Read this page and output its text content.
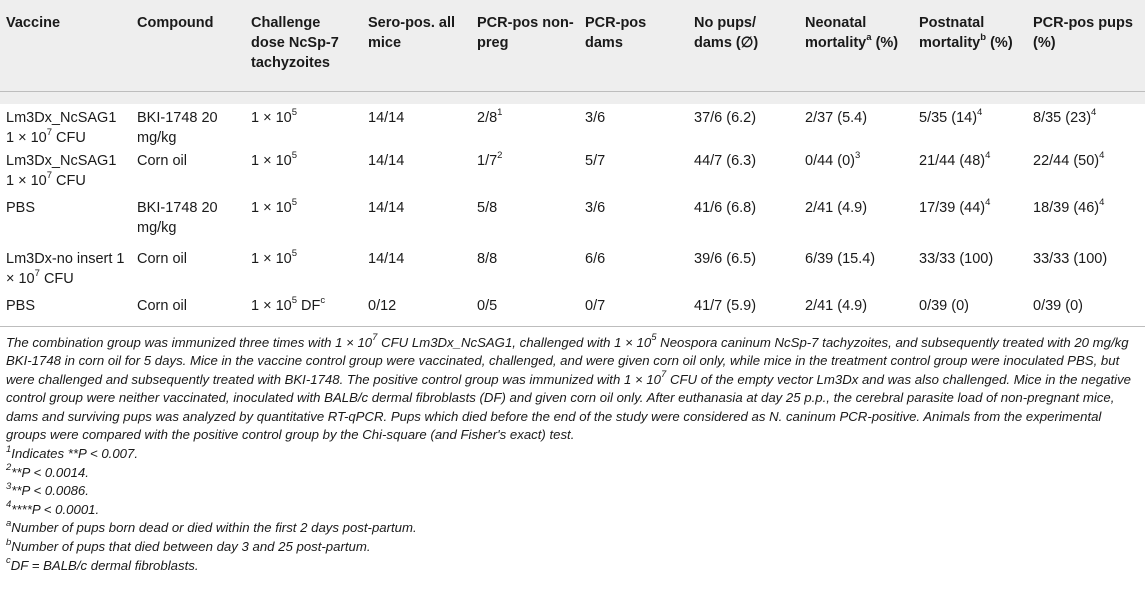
Vaccine	Compound	Challenge dose NcSp-7 tachyzoites	Sero-pos. all mice	PCR-pos non-preg	PCR-pos dams	No pups/ dams (∅)	Neonatal mortality$^a$ (%)	Postnatal mortality$^b$ (%)	PCR-pos pups (%)
Lm3Dx_NcSAG1 $1 \times 10^7$ CFU	BKI-1748 20 mg/kg	$1 \times 10^5$	14/14	$2/8^1$	3/6	37/6 (6.2)	2/37 (5.4)	5/35 $(14)^4$	8/35 $(23)^4$
Lm3Dx_NcSAG1 $1 \times 10^7$ CFU	Corn oil	$1 \times 10^5$	14/14	$1/7^2$	5/7	44/7 (6.3)	0/44 $(0)^3$	21/44 $(48)^4$	22/44 $(50)^4$
PBS	BKI-1748 20 mg/kg	$1 \times 10^5$	14/14	5/8	3/6	41/6 (6.8)	2/41 (4.9)	17/39 $(44)^4$	18/39 $(46)^4$
Lm3Dx-no insert $1 \times 10^7$ CFU	Corn oil	$1 \times 10^5$	14/14	8/8	6/6	39/6 (6.5)	6/39 (15.4)	33/33 (100)	33/33 (100)
PBS	Corn oil	$1 \times 10^5$ $DF^c$	0/12	0/5	0/7	41/7 (5.9)	2/41 (4.9)	0/39 (0)	0/39 (0)

The combination group was immunized three times with $1 \times 10^7$ CFU Lm3Dx_NcSAG1, challenged with $1 \times 10^5$ Neospora caninum NcSp-7 tachyzoites, and subsequently treated with 20 mg/kg BKI-1748 in corn oil for 5 days. Mice in the vaccine control group were vaccinated, challenged, and were given corn oil only, while mice in the treatment control group were inoculated PBS, but were challenged and subsequently treated with BKI-1748. The positive control group was immunized with $1 \times 10^7$ CFU of the empty vector Lm3Dx and was also challenged. Mice in the negative control group were neither vaccinated, inoculated with BALB/c dermal fibroblasts (DF) and given corn oil only. After euthanasia at day 25 p.p., the cerebral parasite load of non-pregnant mice, dams and surviving pups was analyzed by quantitative RT-qPCR. Pups which died before the end of the study were considered as N. caninum PCR-positive. Animals from the experimental groups were compared with the positive control group by the Chi-square (and Fisher's exact) test.

$^1$Indicates **P < 0.007.

$^2$**P < 0.0014.

$^3$**P < 0.0086.

$^4$****P < 0.0001.

$^a$Number of pups born dead or died within the first 2 days post-partum.

$^b$Number of pups that died between day 3 and 25 post-partum.

$^c$DF = BALB/c dermal fibroblasts.
